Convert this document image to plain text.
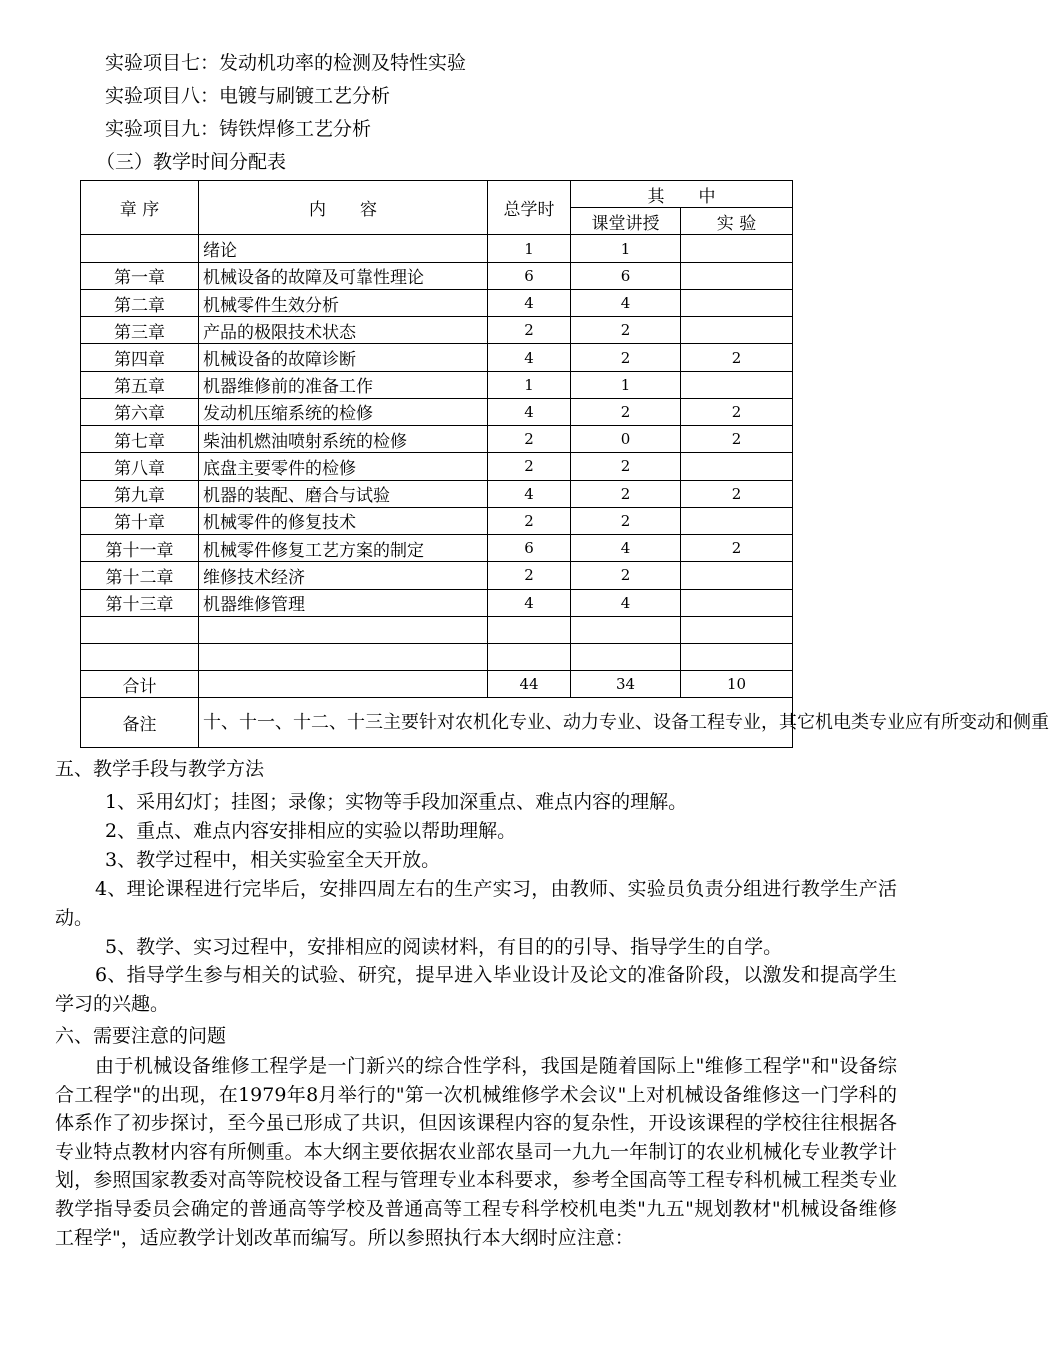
实验项目七：发动机功率的检测及特性实验
实验项目八：电镀与刷镀工艺分析
实验项目九：铸铁焊修工艺分析
（三）教学时间分配表
章 序	内　　容	总学时	其　　中	
			课堂讲授	实 验
	绪论	1	1	
第一章	机械设备的故障及可靠性理论	6	6	
第二章	机械零件生效分析	4	4	
第三章	产品的极限技术状态	2	2	
第四章	机械设备的故障诊断	4	2	2
第五章	机器维修前的准备工作	1	1	
第六章	发动机压缩系统的检修	4	2	2
第七章	柴油机燃油喷射系统的检修	2	0	2
第八章	底盘主要零件的检修	2	2	
第九章	机器的装配、磨合与试验	4	2	2
第十章	机械零件的修复技术	2	2	
第十一章	机械零件修复工艺方案的制定	6	4	2
第十二章	维修技术经济	2	2	
第十三章	机器维修管理	4	4	

合计		44	34	10
备注	十、十一、十二、十三主要针对农机化专业、动力专业、设备工程专业，其它机电类专业应有所变动和侧重			
五、教学手段与教学方法
1、采用幻灯；挂图；录像；实物等手段加深重点、难点内容的理解。
2、重点、难点内容安排相应的实验以帮助理解。
3、教学过程中，相关实验室全天开放。
4、理论课程进行完毕后，安排四周左右的生产实习，由教师、实验员负责分组进行教学生产活动。
5、教学、实习过程中，安排相应的阅读材料，有目的的引导、指导学生的自学。
6、指导学生参与相关的试验、研究，提早进入毕业设计及论文的准备阶段，以激发和提高学生学习的兴趣。
六、需要注意的问题
由于机械设备维修工程学是一门新兴的综合性学科，我国是随着国际上"维修工程学"和"设备综合工程学"的出现，在1979年8月举行的"第一次机械维修学术会议"上对机械设备维修这一门学科的体系作了初步探讨，至今虽已形成了共识，但因该课程内容的复杂性，开设该课程的学校往往根据各专业特点教材内容有所侧重。本大纲主要依据农业部农垦司一九九一年制订的农业机械化专业教学计划，参照国家教委对高等院校设备工程与管理专业本科要求，参考全国高等工程专科机械工程类专业教学指导委员会确定的普通高等学校及普通高等工程专科学校机电类"九五"规划教材"机械设备维修工程学"，适应教学计划改革而编写。所以参照执行本大纲时应注意：
